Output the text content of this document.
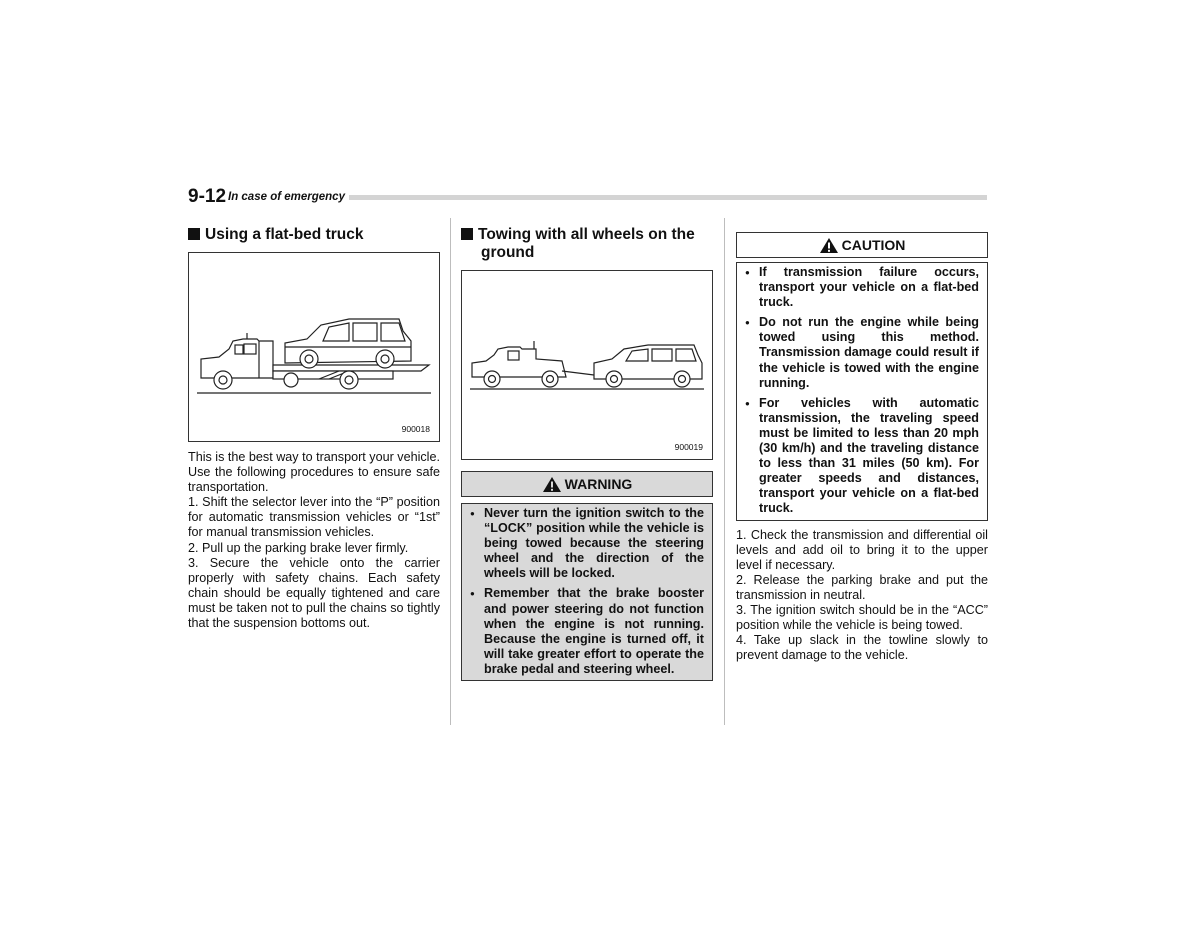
9-12 In case of emergency
Using a flat-bed truck
900018

This is the best way to transport your vehicle. Use the following procedures to ensure safe transportation.

1. Shift the selector lever into the “P” position for automatic transmission vehicles or “1st” for manual transmission vehicles.

2. Pull up the parking brake lever firmly.

3. Secure the vehicle onto the carrier properly with safety chains. Each safety chain should be equally tightened and care must be taken not to pull the chains so tightly that the suspension bottoms out.

Towing with all wheels on the
ground
900019
WARNING
● Never turn the ignition switch to the “LOCK” position while the vehicle is being towed because the steering wheel and the direction of the wheels will be locked.
● Remember that the brake booster and power steering do not function when the engine is not running. Because the engine is turned off, it will take greater effort to operate the brake pedal and steering wheel.
CAUTION
● If transmission failure occurs, transport your vehicle on a flat-bed truck.
● Do not run the engine while being towed using this method. Transmission damage could result if the vehicle is towed with the engine running.
● For vehicles with automatic transmission, the traveling speed must be limited to less than 20 mph (30 km/h) and the traveling distance to less than 31 miles (50 km). For greater speeds and distances, transport your vehicle on a flat-bed truck.

1. Check the transmission and differential oil levels and add oil to bring it to the upper level if necessary.

2. Release the parking brake and put the transmission in neutral.

3. The ignition switch should be in the “ACC” position while the vehicle is being towed.

4. Take up slack in the towline slowly to prevent damage to the vehicle.
